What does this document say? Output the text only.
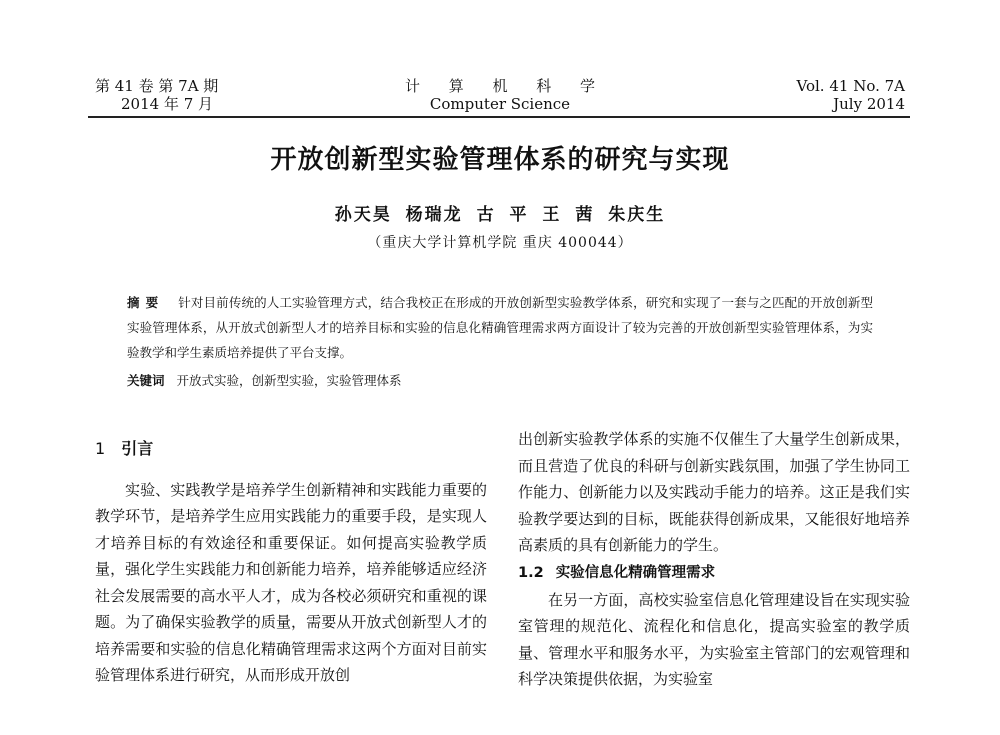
第 41 卷 第 7A 期
2014 年 7 月
计 算 机 科 学
Computer Science
Vol. 41 No. 7A
July 2014
开放创新型实验管理体系的研究与实现
孙天昊 杨瑞龙 古 平 王 茜 朱庆生
（重庆大学计算机学院 重庆 400044）
摘要 针对目前传统的人工实验管理方式，结合我校正在形成的开放创新型实验教学体系，研究和实现了一套与之匹配的开放创新型实验管理体系，从开放式创新型人才的培养目标和实验的信息化精确管理需求两方面设计了较为完善的开放创新型实验管理体系，为实验教学和学生素质培养提供了平台支撑。
关键词 开放式实验，创新型实验，实验管理体系
1 引言

实验、实践教学是培养学生创新精神和实践能力重要的教学环节，是培养学生应用实践能力的重要手段，是实现人才培养目标的有效途径和重要保证。如何提高实验教学质量，强化学生实践能力和创新能力培养，培养能够适应经济社会发展需要的高水平人才，成为各校必须研究和重视的课题。为了确保实验教学的质量，需要从开放式创新型人才的培养需要和实验的信息化精确管理需求这两个方面对目前实验管理体系进行研究，从而形成开放创

出创新实验教学体系的实施不仅催生了大量学生创新成果，而且营造了优良的科研与创新实践氛围，加强了学生协同工作能力、创新能力以及实践动手能力的培养。这正是我们实验教学要达到的目标，既能获得创新成果，又能很好地培养高素质的具有创新能力的学生。

1.2 实验信息化精确管理需求

在另一方面，高校实验室信息化管理建设旨在实现实验室管理的规范化、流程化和信息化，提高实验室的教学质量、管理水平和服务水平，为实验室主管部门的宏观管理和科学决策提供依据，为实验室
